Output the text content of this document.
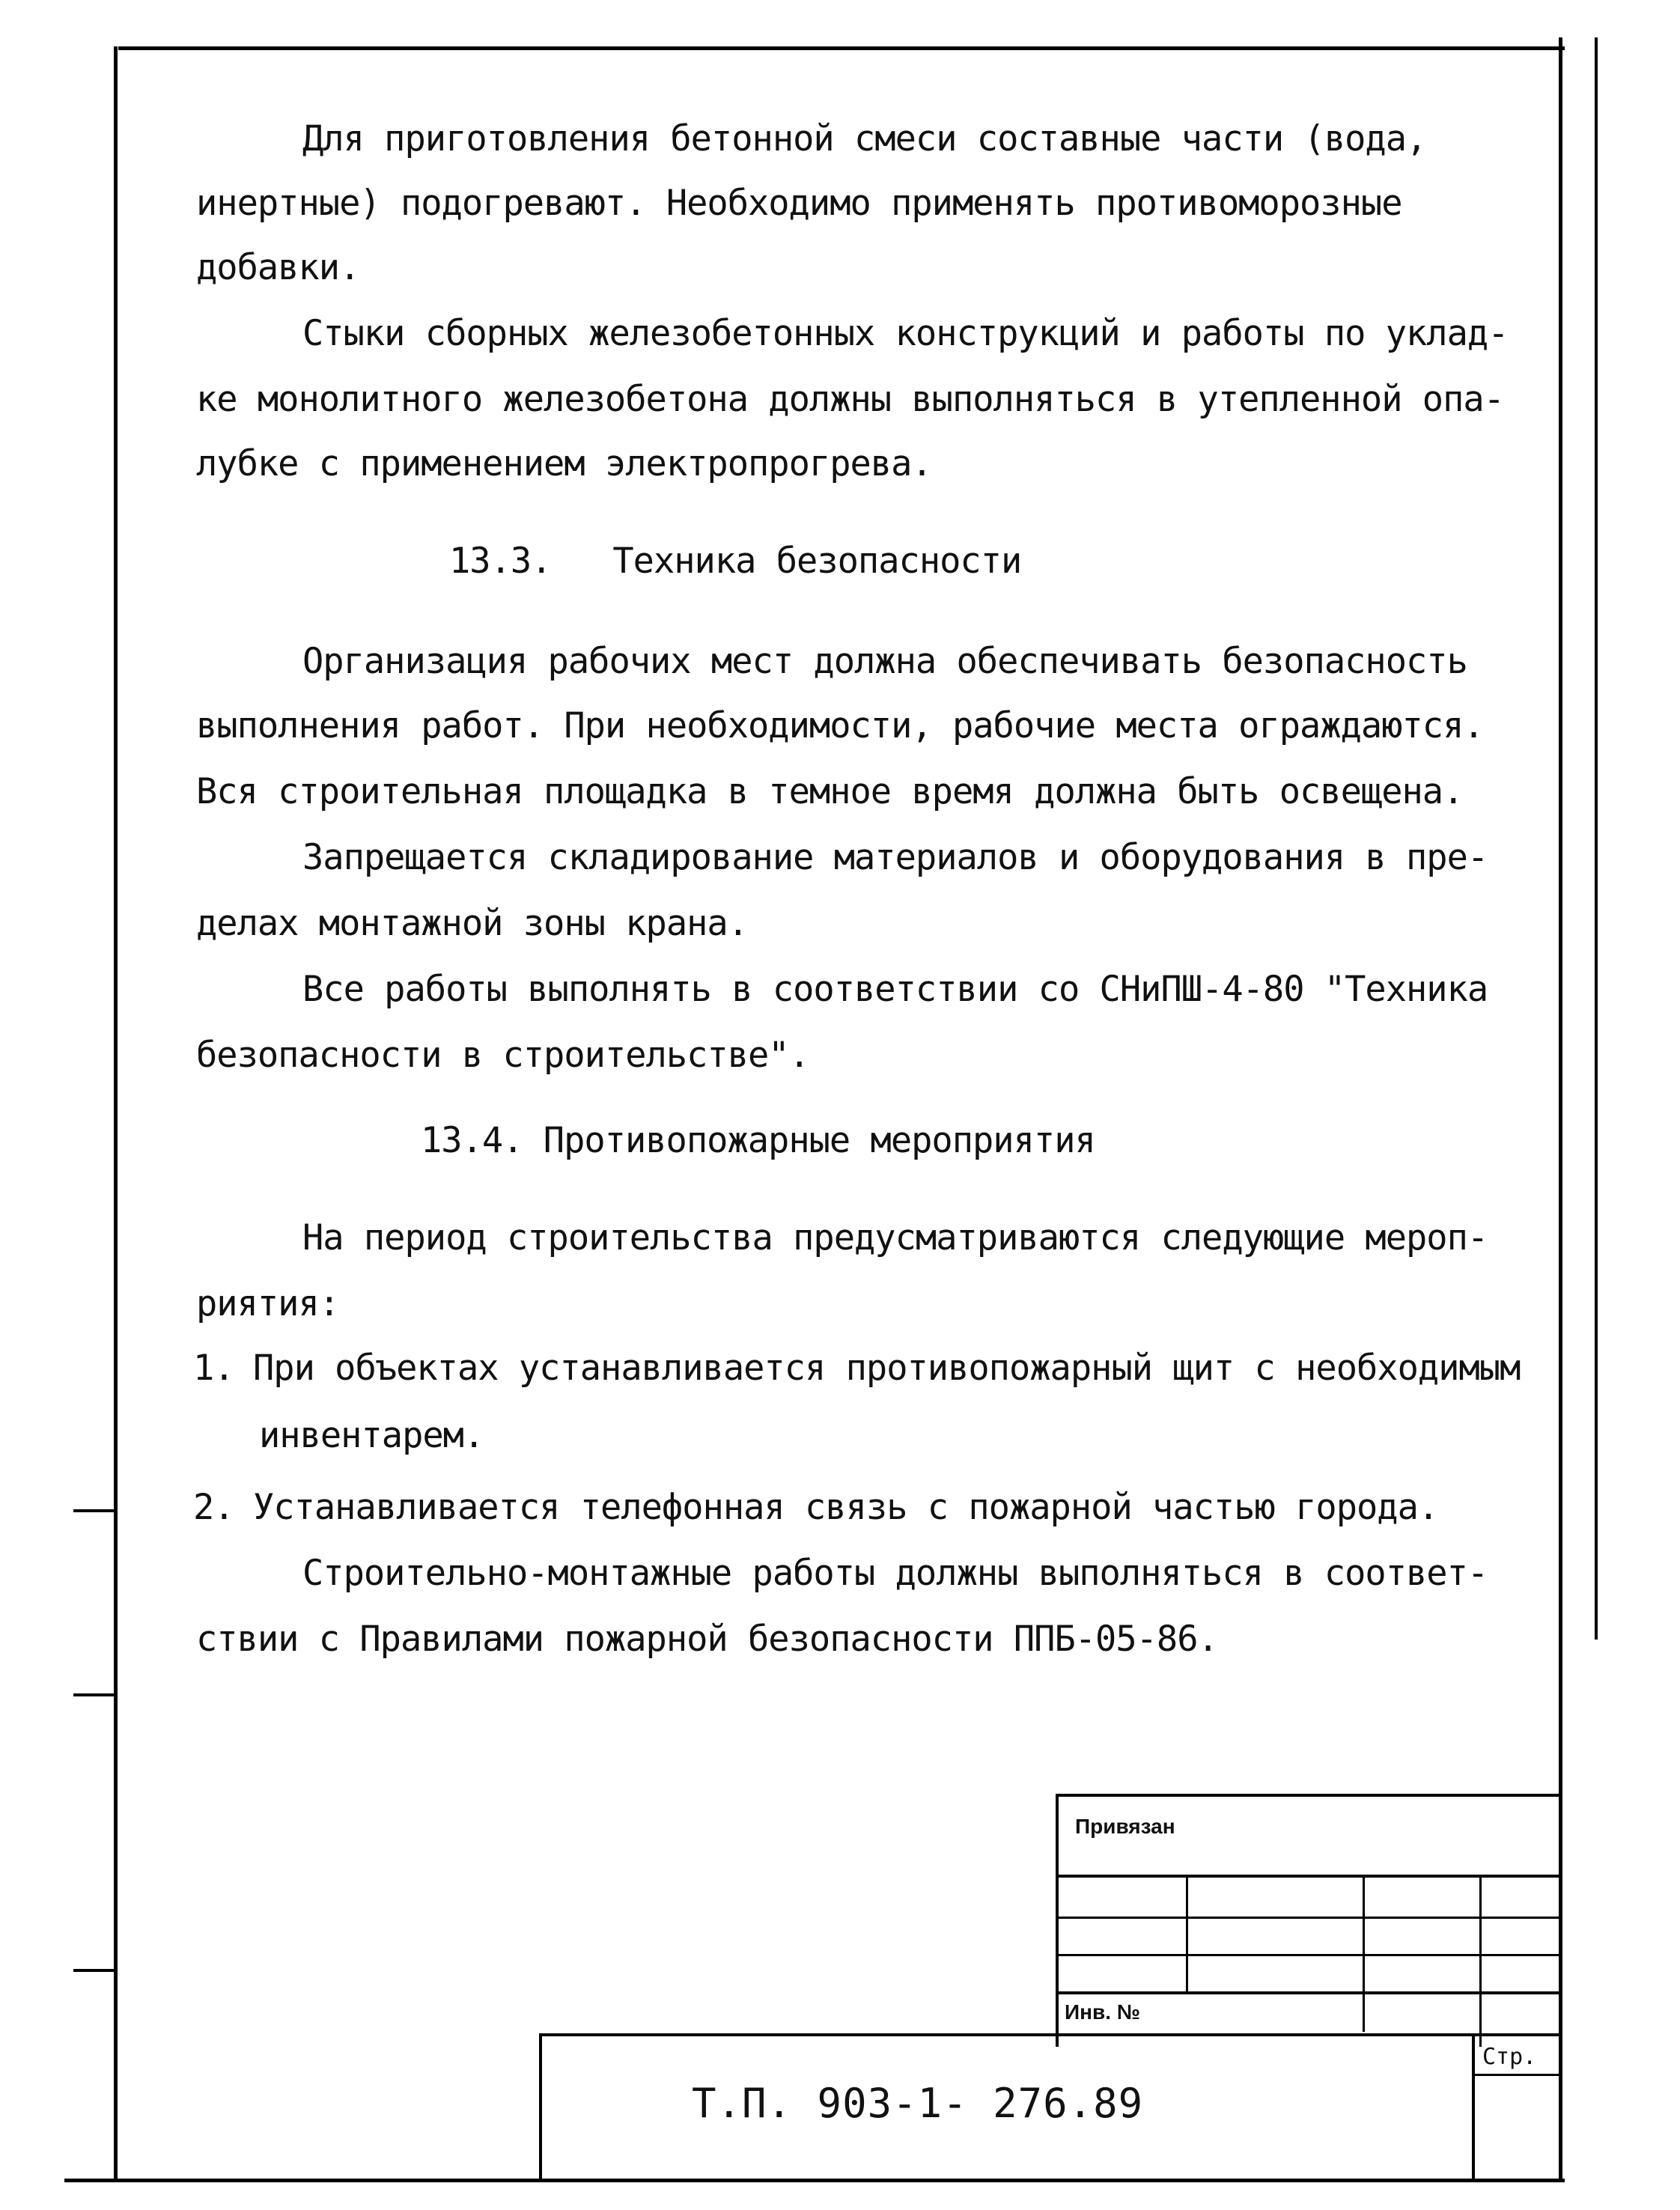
Для приготовления бетонной смеси составные части (вода,
инертные) подогревают. Необходимо применять противоморозные
добавки.
Стыки сборных железобетонных конструкций и работы по уклад-
ке монолитного железобетона должны выполняться в утепленной опа-
лубке с применением электропрогрева.
Организация рабочих мест должна обеспечивать безопасность
выполнения работ. При необходимости, рабочие места ограждаются.
Вся строительная площадка в темное время должна быть освещена.
Запрещается складирование материалов и оборудования в пре-
делах монтажной зоны крана.
Все работы выполнять в соответствии со СНиПШ-4-80 "Техника
безопасности в строительстве".
На период строительства предусматриваются следующие мероп-
риятия:
Строительно-монтажные работы должны выполняться в соответ-
ствии с Правилами пожарной безопасности ППБ-05-86.
13.3.   Техника безопасности
13.4. Противопожарные мероприятия
1. При объектах устанавливается противопожарный щит с необходимым
инвентарем.
2. Устанавливается телефонная связь с пожарной частью города.
Привязан
Инв. №
Стр.
Т.П. 903-1- 276.89
